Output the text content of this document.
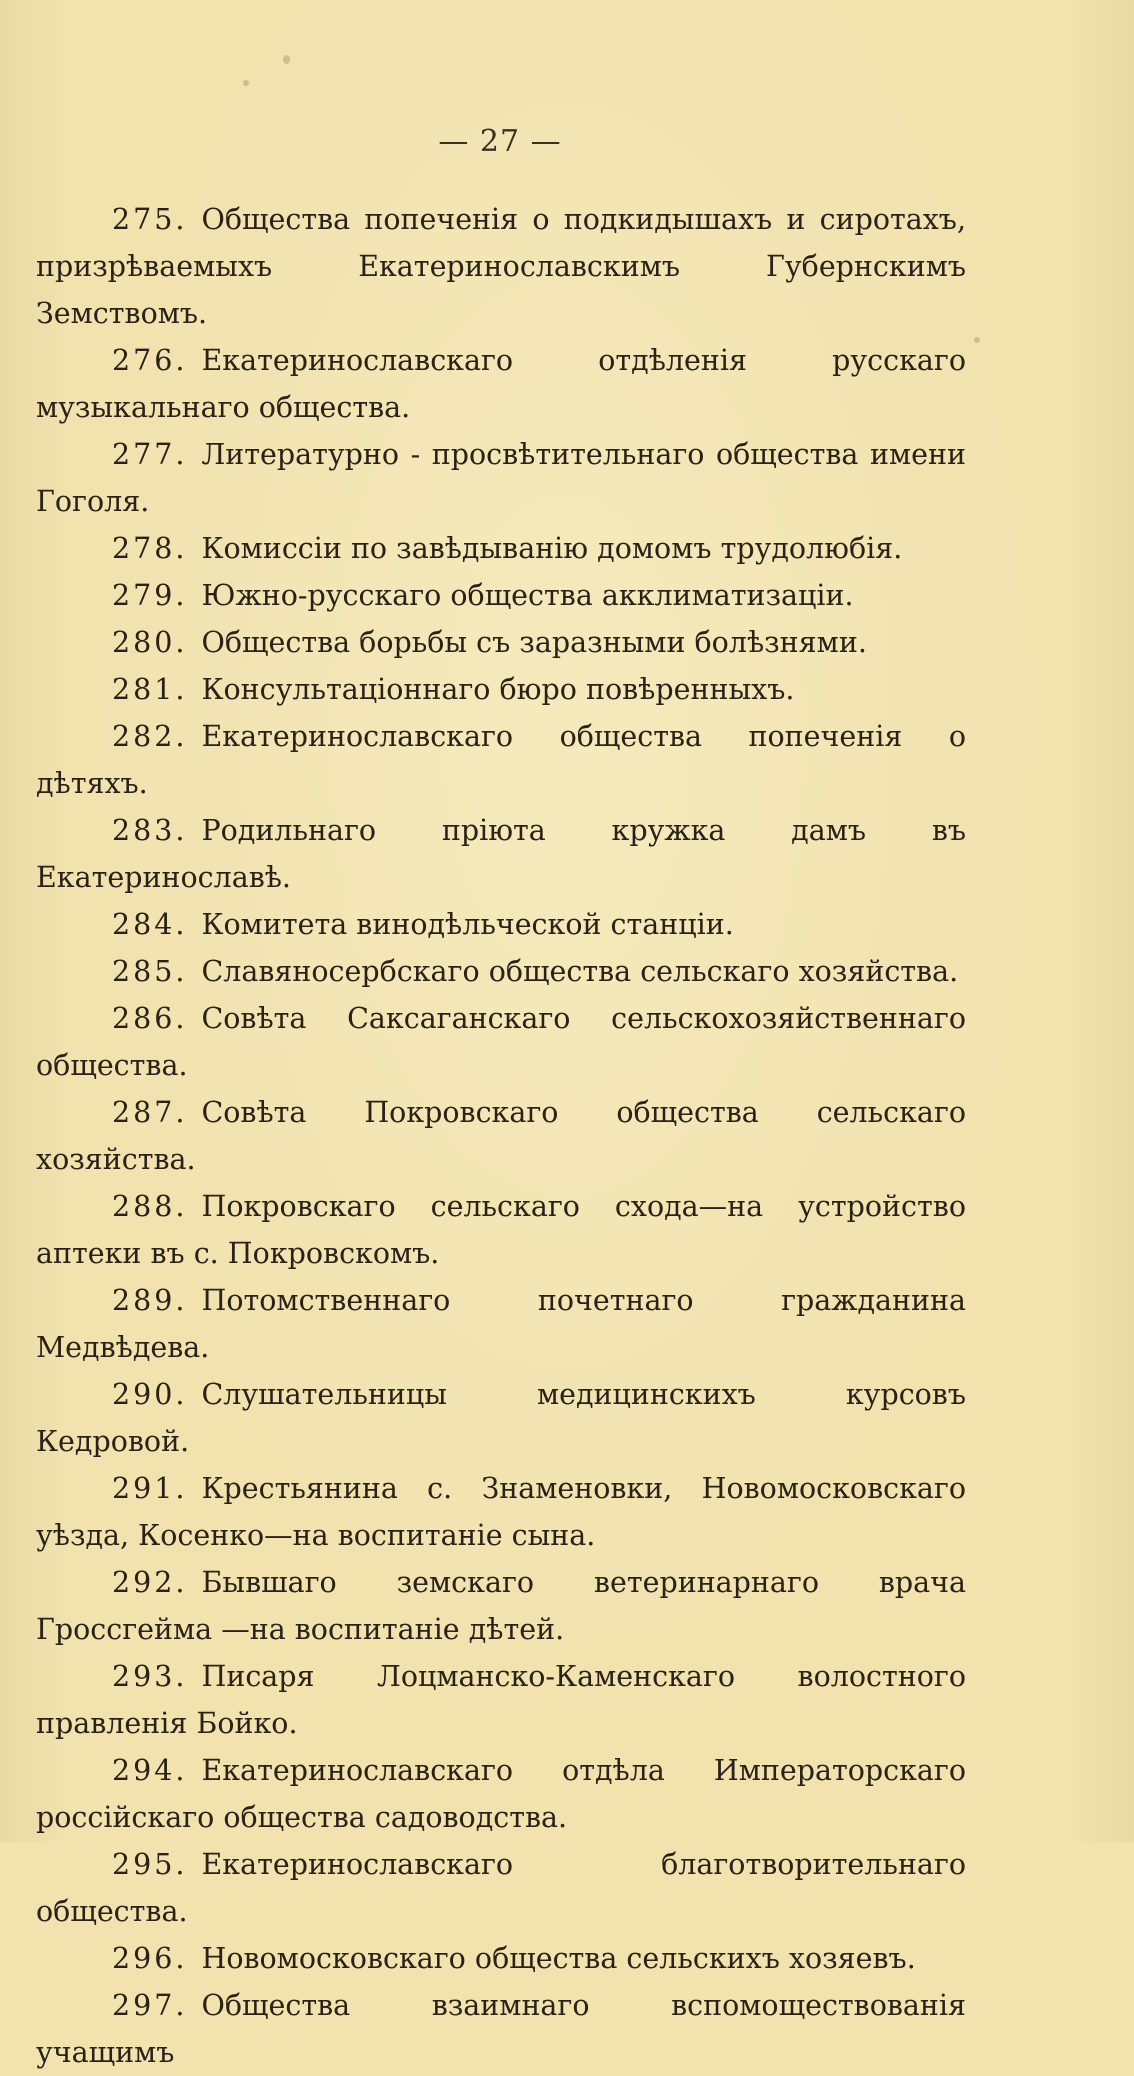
— 27 —

275. Общества попеченія о подкидышахъ и сиротахъ, призрѣваемыхъ Екатеринославскимъ Губернскимъ Земствомъ.

276. Екатеринославскаго отдѣленія русскаго музыкальнаго общества.

277. Литературно - просвѣтительнаго общества имени Гоголя.

278. Комиссіи по завѣдыванію домомъ трудолюбія.

279. Южно-русскаго общества акклиматизаціи.

280. Общества борьбы съ заразными болѣзнями.

281. Консультаціоннаго бюро повѣренныхъ.

282. Екатеринославскаго общества попеченія о дѣтяхъ.

283. Родильнаго пріюта кружка дамъ въ Екатеринославѣ.

284. Комитета винодѣльческой станціи.

285. Славяносербскаго общества сельскаго хозяйства.

286. Совѣта Саксаганскаго сельскохозяйственнаго общества.

287. Совѣта Покровскаго общества сельскаго хозяйства.

288. Покровскаго сельскаго схода—на устройство аптеки въ с. Покровскомъ.

289. Потомственнаго почетнаго гражданина Медвѣдева.

290. Слушательницы медицинскихъ курсовъ Кедровой.

291. Крестьянина с. Знаменовки, Новомосковскаго уѣзда, Косенко—на воспитаніе сына.

292. Бывшаго земскаго ветеринарнаго врача Гроссгейма —на воспитаніе дѣтей.

293. Писаря Лоцманско-Каменскаго волостного правленія Бойко.

294. Екатеринославскаго отдѣла Императорскаго россійскаго общества садоводства.

295. Екатеринославскаго благотворительнаго общества.

296. Новомосковскаго общества сельскихъ хозяевъ.

297. Общества взаимнаго вспомоществованія учащимъ
